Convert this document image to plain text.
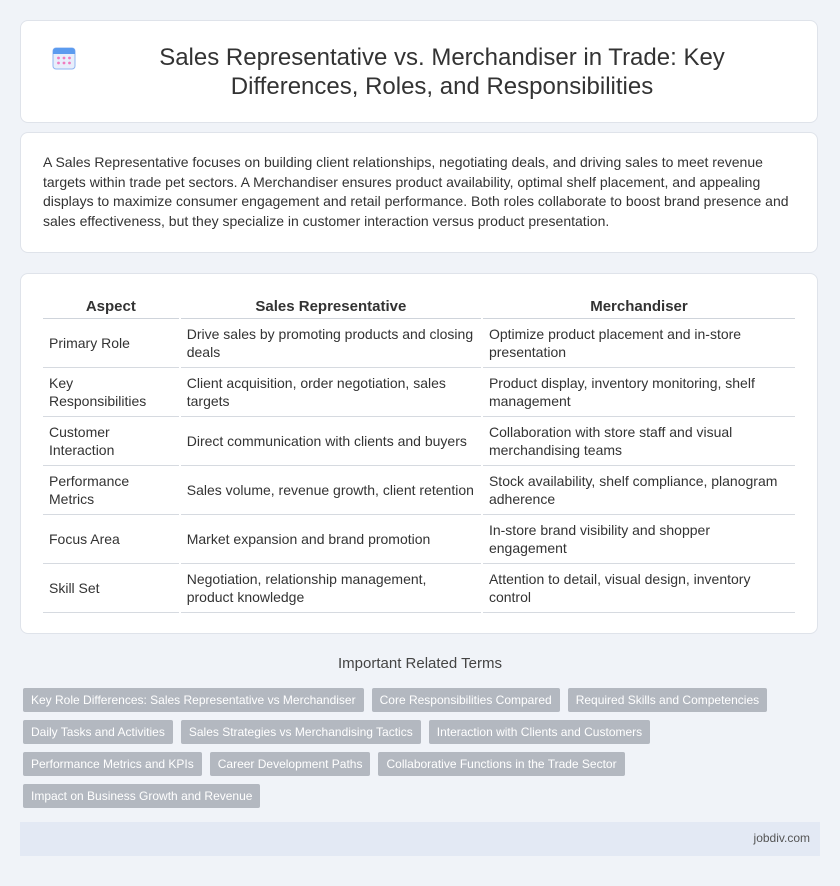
Sales Representative vs. Merchandiser in Trade: Key Differences, Roles, and Responsibilities

A Sales Representative focuses on building client relationships, negotiating deals, and driving sales to meet revenue targets within trade pet sectors. A Merchandiser ensures product availability, optimal shelf placement, and appealing displays to maximize consumer engagement and retail performance. Both roles collaborate to boost brand presence and sales effectiveness, but they specialize in customer interaction versus product presentation.

Aspect	Sales Representative	Merchandiser
Primary Role	Drive sales by promoting products and closing deals	Optimize product placement and in-store presentation
Key Responsibilities	Client acquisition, order negotiation, sales targets	Product display, inventory monitoring, shelf management
Customer Interaction	Direct communication with clients and buyers	Collaboration with store staff and visual merchandising teams
Performance Metrics	Sales volume, revenue growth, client retention	Stock availability, shelf compliance, planogram adherence
Focus Area	Market expansion and brand promotion	In-store brand visibility and shopper engagement
Skill Set	Negotiation, relationship management, product knowledge	Attention to detail, visual design, inventory control
Important Related Terms
Key Role Differences: Sales Representative vs Merchandiser	Core Responsibilities Compared	Required Skills and Competencies
Daily Tasks and Activities	Sales Strategies vs Merchandising Tactics	Interaction with Clients and Customers
Performance Metrics and KPIs	Career Development Paths	Collaborative Functions in the Trade Sector
Impact on Business Growth and Revenue
jobdiv.com
